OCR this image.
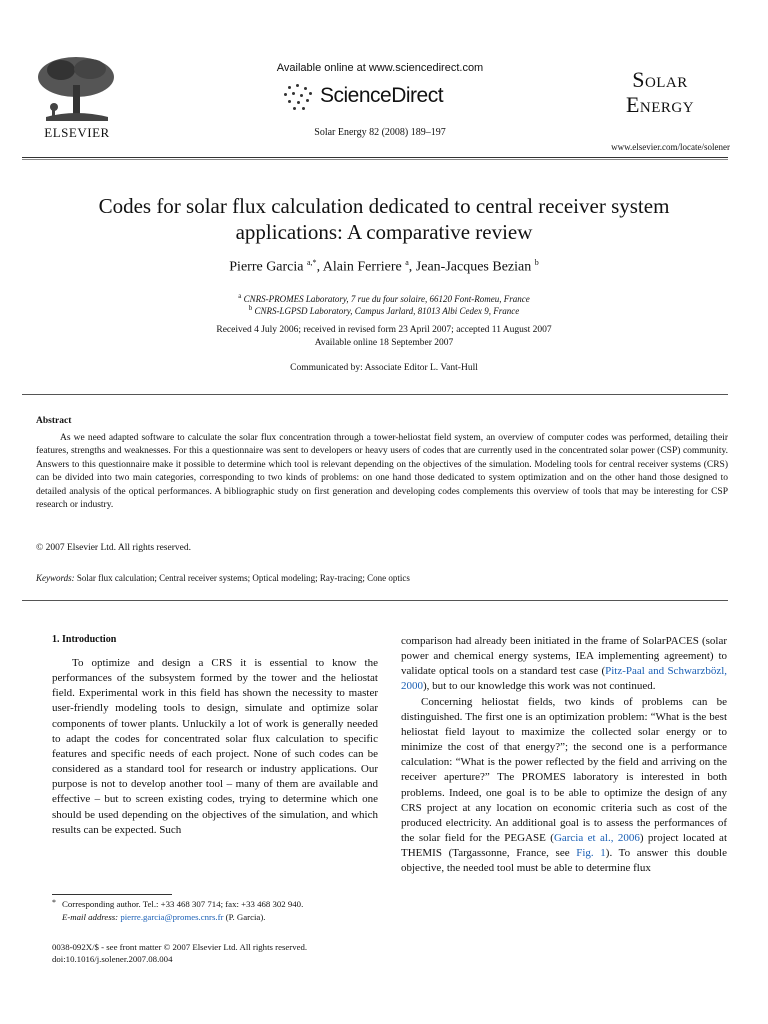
ELSEVIER
Available online at www.sciencedirect.com
ScienceDirect
Solar Energy 82 (2008) 189–197
Solar
Energy
www.elsevier.com/locate/solener
Codes for solar flux calculation dedicated to central receiver system applications: A comparative review
Pierre Garcia $^{a,*}$, Alain Ferriere $^a$, Jean-Jacques Bezian $^b$
$^a$ CNRS-PROMES Laboratory, 7 rue du four solaire, 66120 Font-Romeu, France
$^b$ CNRS-LGPSD Laboratory, Campus Jarlard, 81013 Albi Cedex 9, France
Received 4 July 2006; received in revised form 23 April 2007; accepted 11 August 2007
Available online 18 September 2007
Communicated by: Associate Editor L. Vant-Hull
Abstract

As we need adapted software to calculate the solar flux concentration through a tower-heliostat field system, an overview of computer codes was performed, detailing their features, strengths and weaknesses. For this a questionnaire was sent to developers or heavy users of codes that are currently used in the concentrated solar power (CSP) community. Answers to this questionnaire make it possible to determine which tool is relevant depending on the objectives of the simulation. Modeling tools for central receiver systems (CRS) can be divided into two main categories, corresponding to two kinds of problems: on one hand those dedicated to system optimization and on the other hand those designed to detailed analysis of the optical performances. A bibliographic study on first generation and developing codes complements this overview of tools that may be interesting for CSP research or industry.

© 2007 Elsevier Ltd. All rights reserved.
Keywords: Solar flux calculation; Central receiver systems; Optical modeling; Ray-tracing; Cone optics
1. Introduction

To optimize and design a CRS it is essential to know the performances of the subsystem formed by the tower and the heliostat field. Experimental work in this field has shown the necessity to master user-friendly modeling tools to design, simulate and optimize solar components of tower plants. Unluckily a lot of work is generally needed to adapt the codes for concentrated solar flux calculation to specific features and specific needs of each project. None of such codes can be considered as a standard tool for research or industry applications. Our purpose is not to develop another tool – many of them are available and effective – but to screen existing codes, trying to determine which one should be used depending on the objectives of the simulation, and which results can be expected. Such

comparison had already been initiated in the frame of SolarPACES (solar power and chemical energy systems, IEA implementing agreement) to validate optical tools on a standard test case (Pitz-Paal and Schwarzbözl, 2000), but to our knowledge this work was not continued.

Concerning heliostat fields, two kinds of problems can be distinguished. The first one is an optimization problem: “What is the best heliostat field layout to maximize the collected solar energy or to minimize the cost of that energy?”; the second one is a performance calculation: “What is the power reflected by the field and arriving on the receiver aperture?” The PROMES laboratory is interested in both problems. Indeed, one goal is to be able to optimize the design of any CRS project at any location on economic criteria such as cost of the produced electricity. An additional goal is to assess the performances of the solar field for the PEGASE (Garcia et al., 2006) project located at THEMIS (Targassonne, France, see Fig. 1). To answer this double objective, the needed tool must be able to determine flux

* Corresponding author. Tel.: +33 468 307 714; fax: +33 468 302 940.
E-mail address: pierre.garcia@promes.cnrs.fr (P. Garcia).
0038-092X/$ - see front matter © 2007 Elsevier Ltd. All rights reserved.
doi:10.1016/j.solener.2007.08.004
